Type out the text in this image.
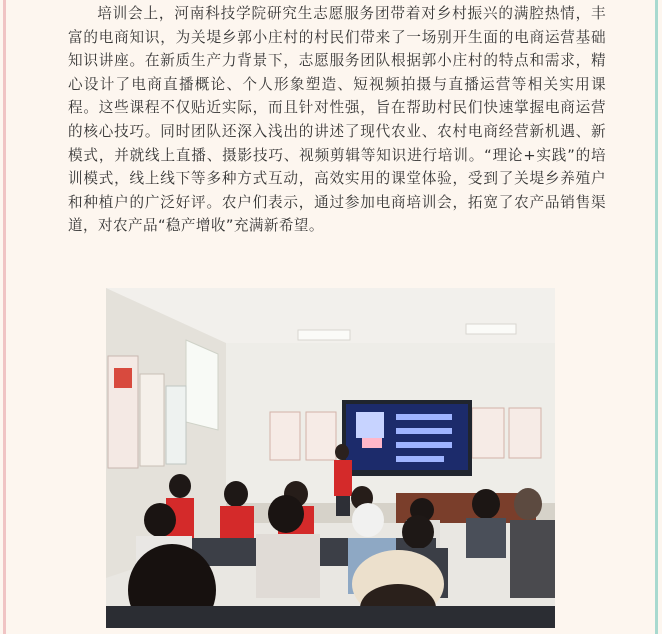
培训会上，河南科技学院研究生志愿服务团带着对乡村振兴的满腔热情，丰富的电商知识，为关堤乡郭小庄村的村民们带来了一场别开生面的电商运营基础知识讲座。在新质生产力背景下，志愿服务团队根据郭小庄村的特点和需求，精心设计了电商直播概论、个人形象塑造、短视频拍摄与直播运营等相关实用课程。这些课程不仅贴近实际，而且针对性强，旨在帮助村民们快速掌握电商运营的核心技巧。同时团队还深入浅出的讲述了现代农业、农村电商经营新机遇、新模式，并就线上直播、摄影技巧、视频剪辑等知识进行培训。“理论+实践”的培训模式，线上线下等多种方式互动，高效实用的课堂体验，受到了关堤乡养殖户和种植户的广泛好评。农户们表示，通过参加电商培训会，拓宽了农产品销售渠道，对农产品“稳产增收”充满新希望。
